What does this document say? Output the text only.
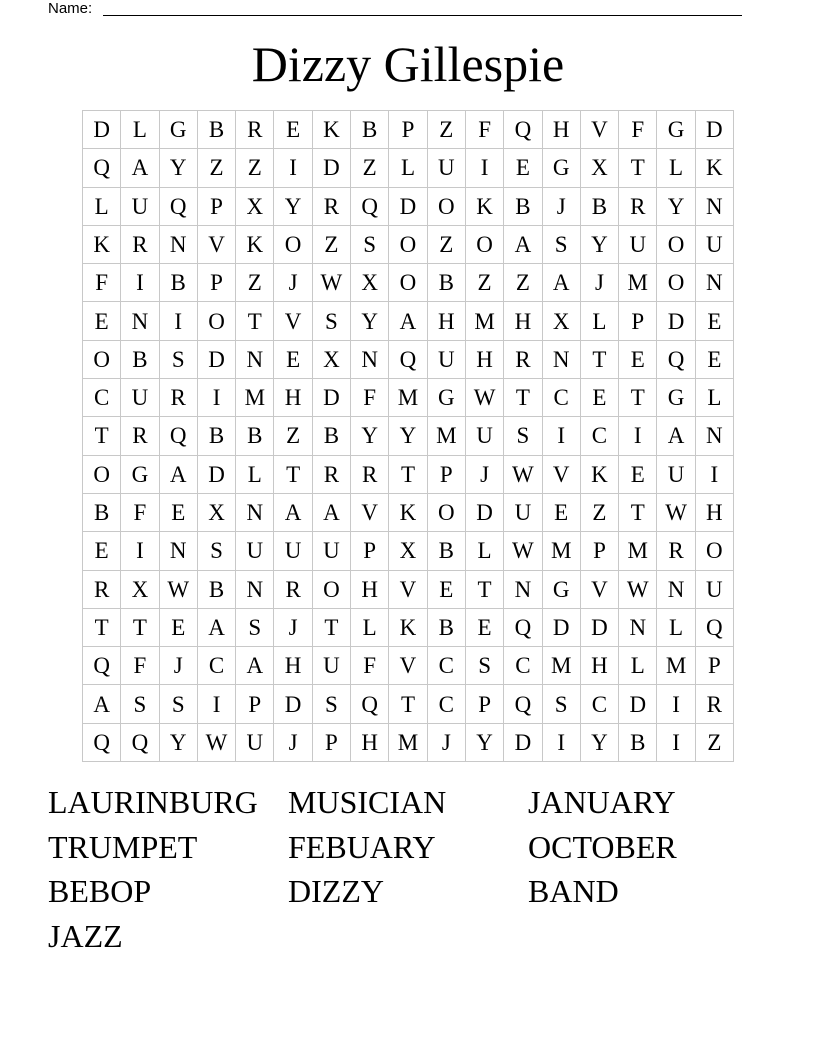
Name:
Dizzy Gillespie
D L G B R	E K B	P	Z	F	Q H V	F	G D
Q A Y Z	Z	I	D Z	L U	I	E G X T	L K
L U Q	P	X Y R Q D O K B	J	B R Y N
K R N V K O Z	S	O Z O A	S	Y U O U
F	I	B	P	Z	J W X O B	Z	Z A	J	M O N
E N	I	O T V	S	Y A H M H X L	P	D E
O B	S	D N E X N Q U H R N T	E Q E
C U R	I	M H D	F M G W T	C	E	T G L
T	R Q B B	Z	B Y Y M U	S	I	C	I	A N
O G A D L	T	R R	T	P	J W V K E U	I
B	F	E X N A A V K O D U E	Z	T W H
E	I	N	S	U U U	P	X B	L W M P M R O
R X W B N R O H V E	T N G V W N U
T	T	E A	S	J	T	L K B	E Q D D N L Q
Q	F	J	C A H U	F	V C	S	C M H L M P
A	S	S	I	P	D	S	Q T	C	P	Q	S	C D	I	R
Q Q Y W U	J	P	H M	J	Y D	I	Y B	I	Z
LAURINBURG MUSICIAN	JANUARY
TRUMPET	FEBUARY	OCTOBER
BEBOP	DIZZY	BAND
JAZZ
